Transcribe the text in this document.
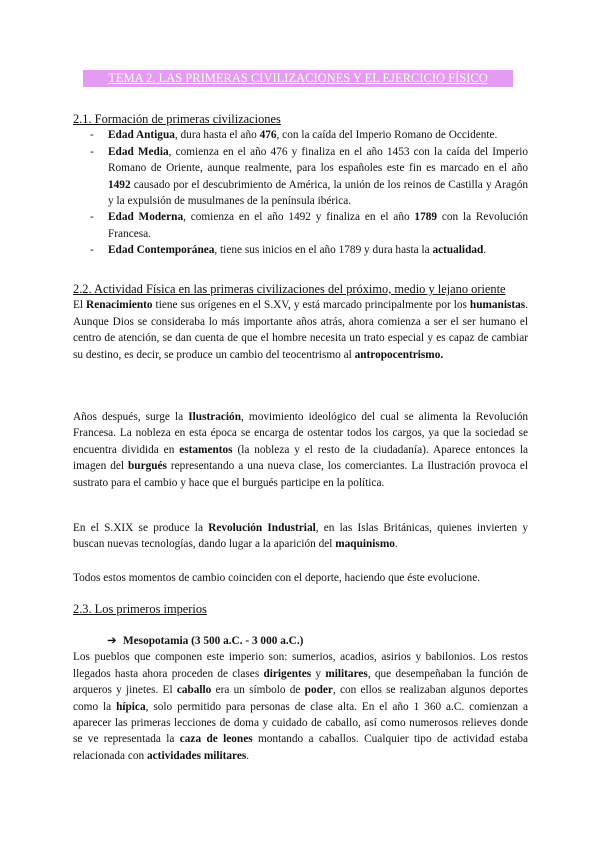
TEMA 2. LAS PRIMERAS CIVILIZACIONES Y EL EJERCICIO FÍSICO
2.1. Formación de primeras civilizaciones
- Edad Antigua, dura hasta el año 476, con la caída del Imperio Romano de Occidente.
- Edad Media, comienza en el año 476 y finaliza en el año 1453 con la caída del Imperio Romano de Oriente, aunque realmente, para los españoles este fin es marcado en el año 1492 causado por el descubrimiento de América, la unión de los reinos de Castilla y Aragón y la expulsión de musulmanes de la península ibérica.
- Edad Moderna, comienza en el año 1492 y finaliza en el año 1789 con la Revolución Francesa.
- Edad Contemporánea, tiene sus inicios en el año 1789 y dura hasta la actualidad.
2.2. Actividad Física en las primeras civilizaciones del próximo, medio y lejano oriente

El Renacimiento tiene sus orígenes en el S.XV, y está marcado principalmente por los humanistas. Aunque Dios se consideraba lo más importante años atrás, ahora comienza a ser el ser humano el centro de atención, se dan cuenta de que el hombre necesita un trato especial y es capaz de cambiar su destino, es decir, se produce un cambio del teocentrismo al antropocentrismo.

Años después, surge la Ilustración, movimiento ideológico del cual se alimenta la Revolución Francesa. La nobleza en esta época se encarga de ostentar todos los cargos, ya que la sociedad se encuentra dividida en estamentos (la nobleza y el resto de la ciudadanía). Aparece entonces la imagen del burgués representando a una nueva clase, los comerciantes. La Ilustración provoca el sustrato para el cambio y hace que el burgués participe en la política.

En el S.XIX se produce la Revolución Industrial, en las Islas Británicas, quienes invierten y buscan nuevas tecnologías, dando lugar a la aparición del maquinismo.

Todos estos momentos de cambio coinciden con el deporte, haciendo que éste evolucione.

2.3. Los primeros imperios
➔ Mesopotamia (3 500 a.C. - 3 000 a.C.)

Los pueblos que componen este imperio son: sumerios, acadios, asirios y babilonios. Los restos llegados hasta ahora proceden de clases dirigentes y militares, que desempeñaban la función de arqueros y jinetes. El caballo era un símbolo de poder, con ellos se realizaban algunos deportes como la hípica, solo permitido para personas de clase alta. En el año 1 360 a.C. comienzan a aparecer las primeras lecciones de doma y cuidado de caballo, así como numerosos relieves donde se ve representada la caza de leones montando a caballos. Cualquier tipo de actividad estaba relacionada con actividades militares.
